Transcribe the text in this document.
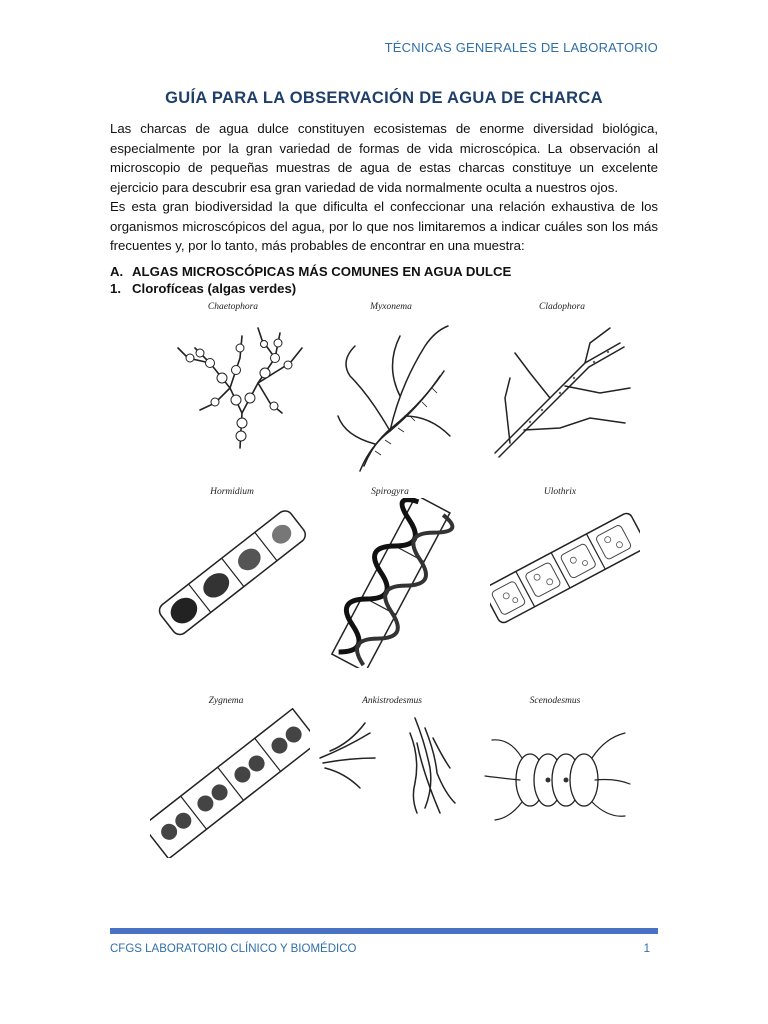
TÉCNICAS GENERALES DE LABORATORIO
GUÍA PARA LA OBSERVACIÓN DE AGUA DE CHARCA
Las charcas de agua dulce constituyen ecosistemas de enorme diversidad biológica, especialmente por la gran variedad de formas de vida microscópica. La observación al microscopio de pequeñas muestras de agua de estas charcas constituye un excelente ejercicio para descubrir esa gran variedad de vida normalmente oculta a nuestros ojos.
Es esta gran biodiversidad la que dificulta el confeccionar una relación exhaustiva de los organismos microscópicos del agua, por lo que nos limitaremos a indicar cuáles son los más frecuentes y, por lo tanto, más probables de encontrar en una muestra:
A. ALGAS MICROSCÓPICAS MÁS COMUNES EN AGUA DULCE
1. Clorofíceas (algas verdes)
Chaetophora	Myxonema	Cladophora
Hormidium	Spirogyra	Ulothrix
Zygnema	Ankistrodesmus	Scenodesmus
CFGS LABORATORIO CLÍNICO Y BIOMÉDICO	1
